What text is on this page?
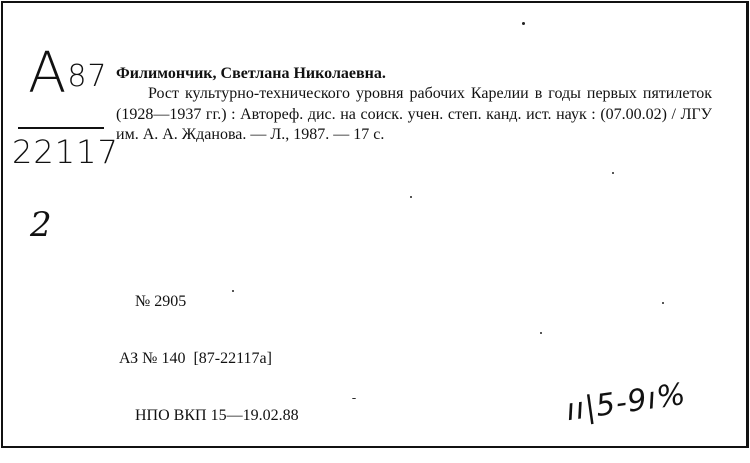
А87
22117
2
Филимончик, Светлана Николаевна.
Рост культурно-технического уровня рабочих Карелии в годы первых пятилеток (1928—1937 гг.) : Автореф. дис. на соиск. учен. степ. канд. ист. наук : (07.00.02) / ЛГУ им. А. А. Жданова. — Л., 1987. — 17 с.

№ 2905

АЗ № 140  [87-22117а]

НПО ВКП 15—19.02.88

	ıı|5-9ı%
